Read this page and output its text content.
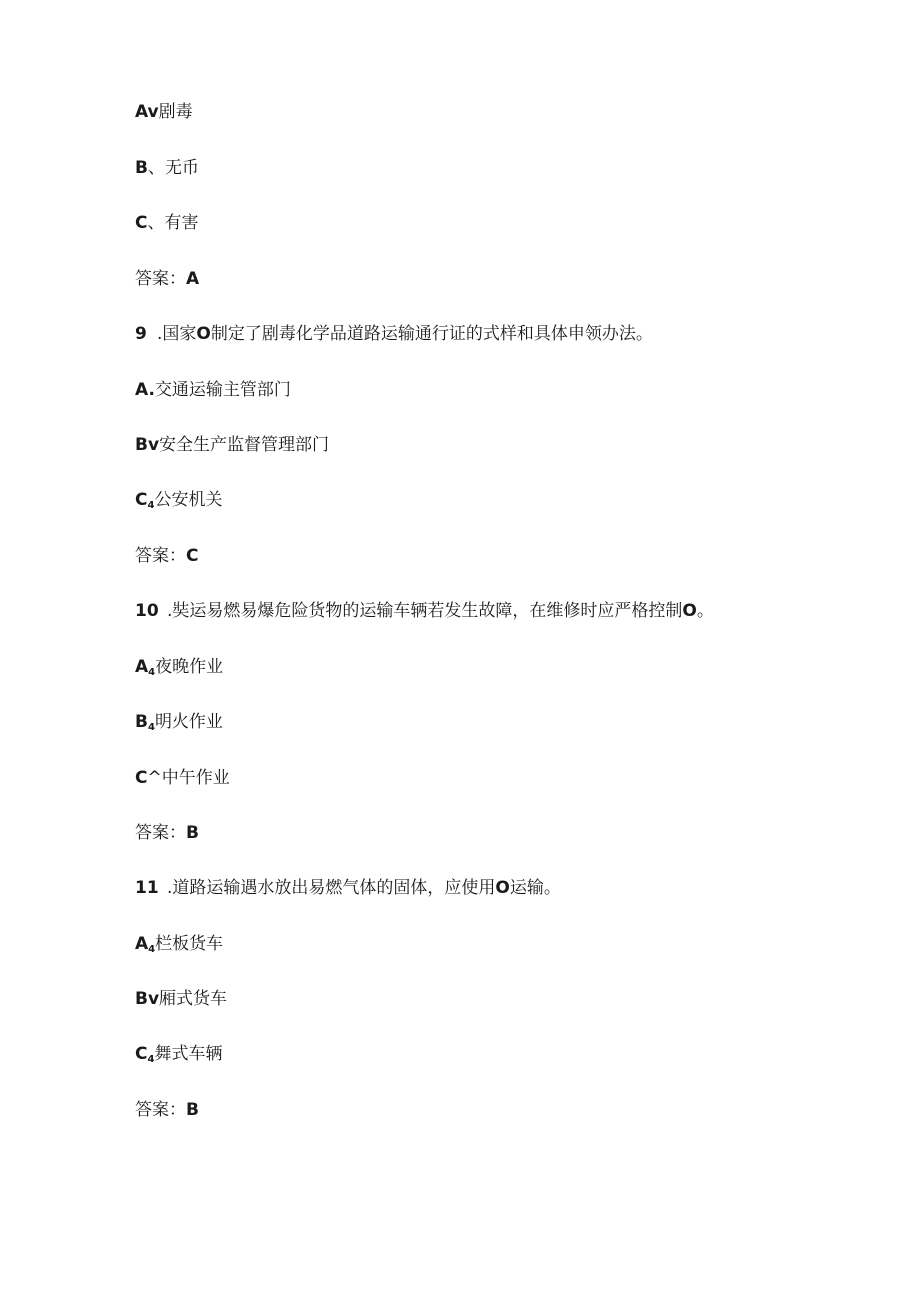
Av剧毒
B、无币
C、有害
答案：A
9 .国家O制定了剧毒化学品道路运输通行证的式样和具体申领办法。
A.交通运输主管部门
Bv安全生产监督管理部门
$C_4$公安机关
答案：C
10 .奘运易燃易爆危险货物的运输车辆若发生故障，在维修时应严格控制O。
$A_4$夜晚作业
$B_4$明火作业
C^中午作业
答案：B
11 .道路运输遇水放出易燃气体的固体，应使用O运输。
$A_4$栏板货车
Bv厢式货车
$C_4$舞式车辆
答案：B
